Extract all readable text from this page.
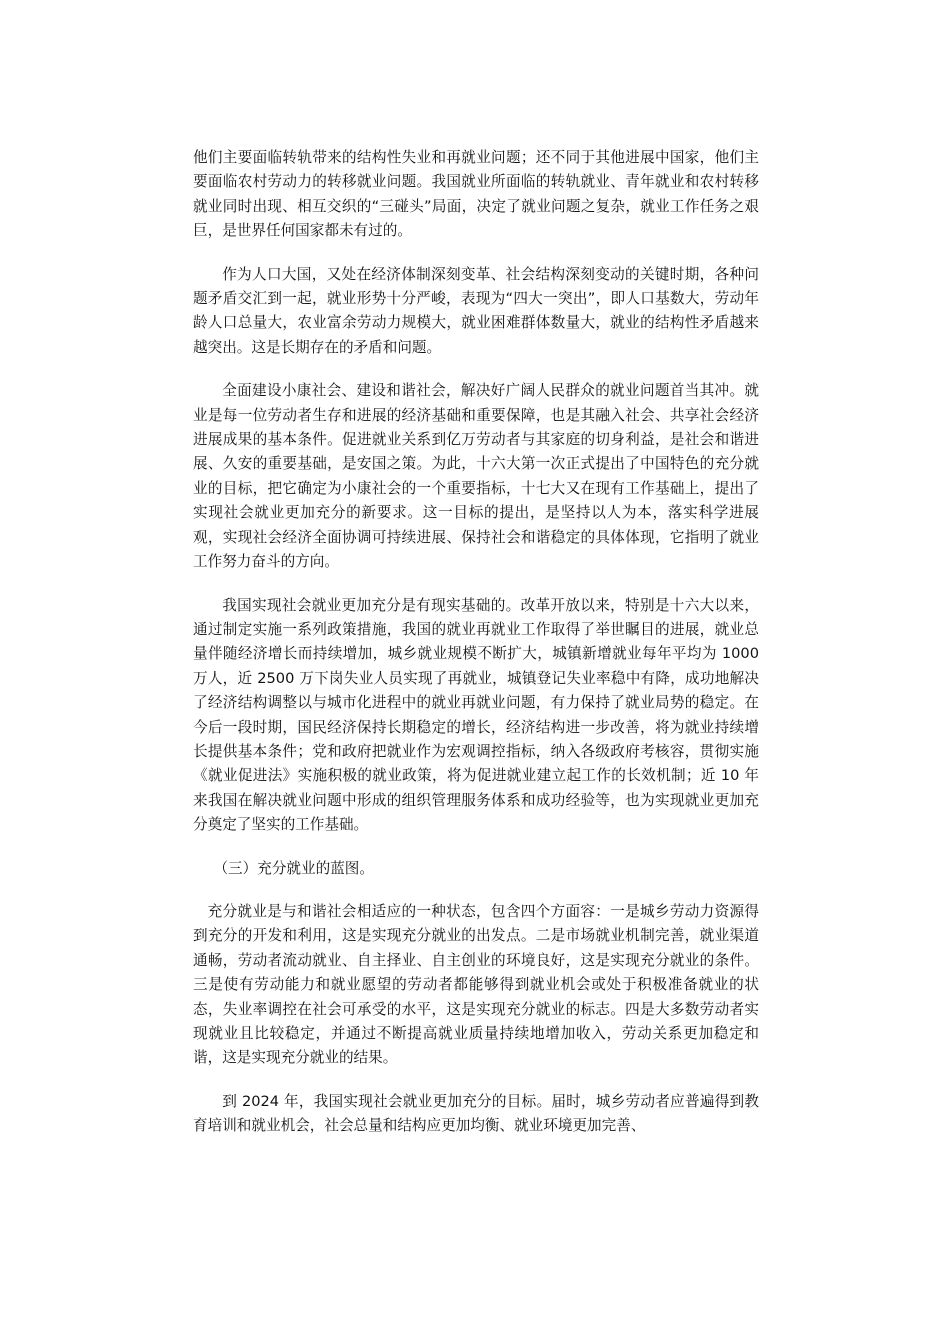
他们主要面临转轨带来的结构性失业和再就业问题；还不同于其他进展中国家，他们主要面临农村劳动力的转移就业问题。我国就业所面临的转轨就业、青年就业和农村转移就业同时出现、相互交织的“三碰头”局面，决定了就业问题之复杂，就业工作任务之艰巨，是世界任何国家都未有过的。

作为人口大国，又处在经济体制深刻变革、社会结构深刻变动的关键时期，各种问题矛盾交汇到一起，就业形势十分严峻，表现为“四大一突出”，即人口基数大，劳动年龄人口总量大，农业富余劳动力规模大，就业困难群体数量大，就业的结构性矛盾越来越突出。这是长期存在的矛盾和问题。

全面建设小康社会、建设和谐社会，解决好广阔人民群众的就业问题首当其冲。就业是每一位劳动者生存和进展的经济基础和重要保障，也是其融入社会、共享社会经济进展成果的基本条件。促进就业关系到亿万劳动者与其家庭的切身利益，是社会和谐进展、久安的重要基础，是安国之策。为此，十六大第一次正式提出了中国特色的充分就业的目标，把它确定为小康社会的一个重要指标，十七大又在现有工作基础上，提出了实现社会就业更加充分的新要求。这一目标的提出，是坚持以人为本，落实科学进展观，实现社会经济全面协调可持续进展、保持社会和谐稳定的具体体现，它指明了就业工作努力奋斗的方向。

我国实现社会就业更加充分是有现实基础的。改革开放以来，特别是十六大以来，通过制定实施一系列政策措施，我国的就业再就业工作取得了举世瞩目的进展，就业总量伴随经济增长而持续增加，城乡就业规模不断扩大，城镇新增就业每年平均为 1000 万人，近 2500 万下岗失业人员实现了再就业，城镇登记失业率稳中有降，成功地解决了经济结构调整以与城市化进程中的就业再就业问题，有力保持了就业局势的稳定。在今后一段时期，国民经济保持长期稳定的增长，经济结构进一步改善，将为就业持续增长提供基本条件；党和政府把就业作为宏观调控指标，纳入各级政府考核容，贯彻实施《就业促进法》实施积极的就业政策，将为促进就业建立起工作的长效机制；近 10 年来我国在解决就业问题中形成的组织管理服务体系和成功经验等，也为实现就业更加充分奠定了坚实的工作基础。

（三）充分就业的蓝图。

充分就业是与和谐社会相适应的一种状态，包含四个方面容：一是城乡劳动力资源得到充分的开发和利用，这是实现充分就业的出发点。二是市场就业机制完善，就业渠道通畅，劳动者流动就业、自主择业、自主创业的环境良好，这是实现充分就业的条件。三是使有劳动能力和就业愿望的劳动者都能够得到就业机会或处于积极准备就业的状态，失业率调控在社会可承受的水平，这是实现充分就业的标志。四是大多数劳动者实现就业且比较稳定，并通过不断提高就业质量持续地增加收入，劳动关系更加稳定和谐，这是实现充分就业的结果。

到 2024 年，我国实现社会就业更加充分的目标。届时，城乡劳动者应普遍得到教育培训和就业机会，社会总量和结构应更加均衡、就业环境更加完善、
